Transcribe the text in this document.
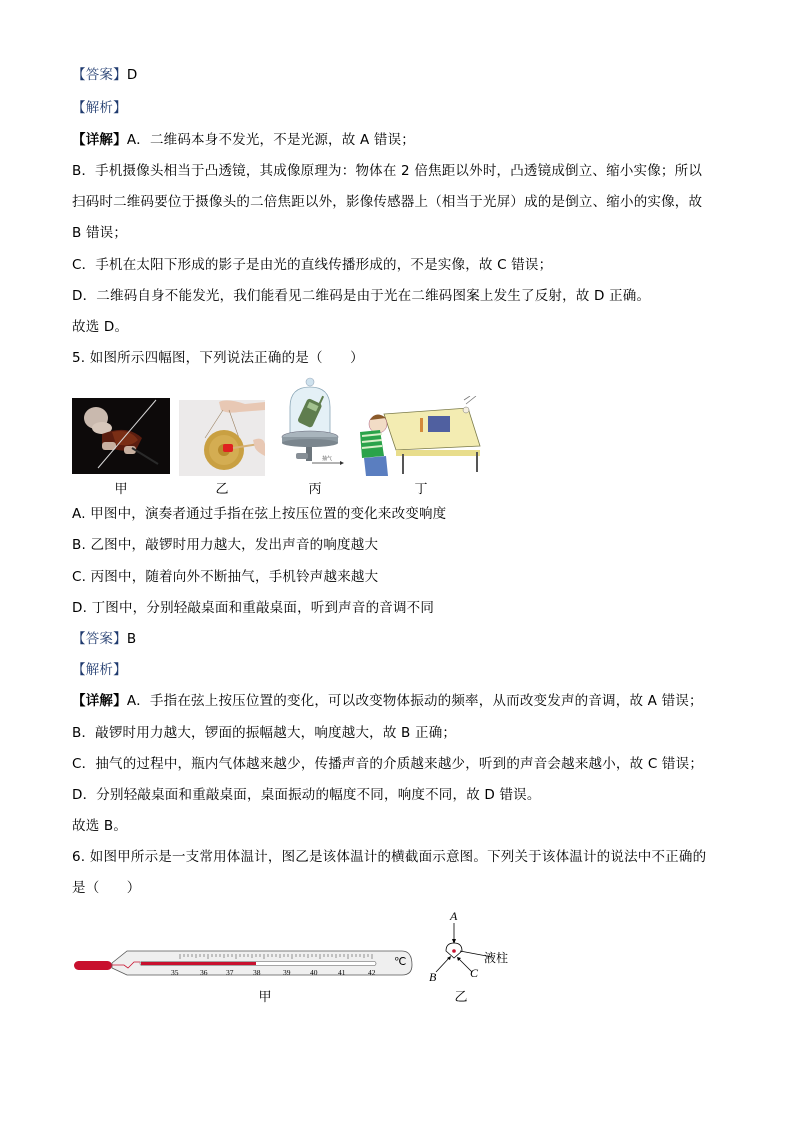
【答案】D
【解析】
【详解】A．二维码本身不发光，不是光源，故 A 错误；
B．手机摄像头相当于凸透镜，其成像原理为：物体在 2 倍焦距以外时，凸透镜成倒立、缩小实像；所以
扫码时二维码要位于摄像头的二倍焦距以外，影像传感器上（相当于光屏）成的是倒立、缩小的实像，故
B 错误；
C．手机在太阳下形成的影子是由光的直线传播形成的，不是实像，故 C 错误；
D．二维码自身不能发光，我们能看见二维码是由于光在二维码图案上发生了反射，故 D 正确。
故选 D。
5. 如图所示四幅图，下列说法正确的是（　　）
甲	乙
抽气
丙	丁
A. 甲图中，演奏者通过手指在弦上按压位置的变化来改变响度
B. 乙图中，敲锣时用力越大，发出声音的响度越大
C. 丙图中，随着向外不断抽气，手机铃声越来越大
D. 丁图中，分别轻敲桌面和重敲桌面，听到声音的音调不同
【答案】B
【解析】
【详解】A．手指在弦上按压位置的变化，可以改变物体振动的频率，从而改变发声的音调，故 A 错误；
B．敲锣时用力越大，锣面的振幅越大，响度越大，故 B 正确；
C．抽气的过程中，瓶内气体越来越少，传播声音的介质越来越少，听到的声音会越来越小，故 C 错误；
D．分别轻敲桌面和重敲桌面，桌面振动的幅度不同，响度不同，故 D 错误。
故选 B。
6. 如图甲所示是一支常用体温计，图乙是该体温计的横截面示意图。下列关于该体温计的说法中不正确的
是（　　）
35	36 37	38	39	40	41	42
℃
甲
A
B	C
液柱
乙
